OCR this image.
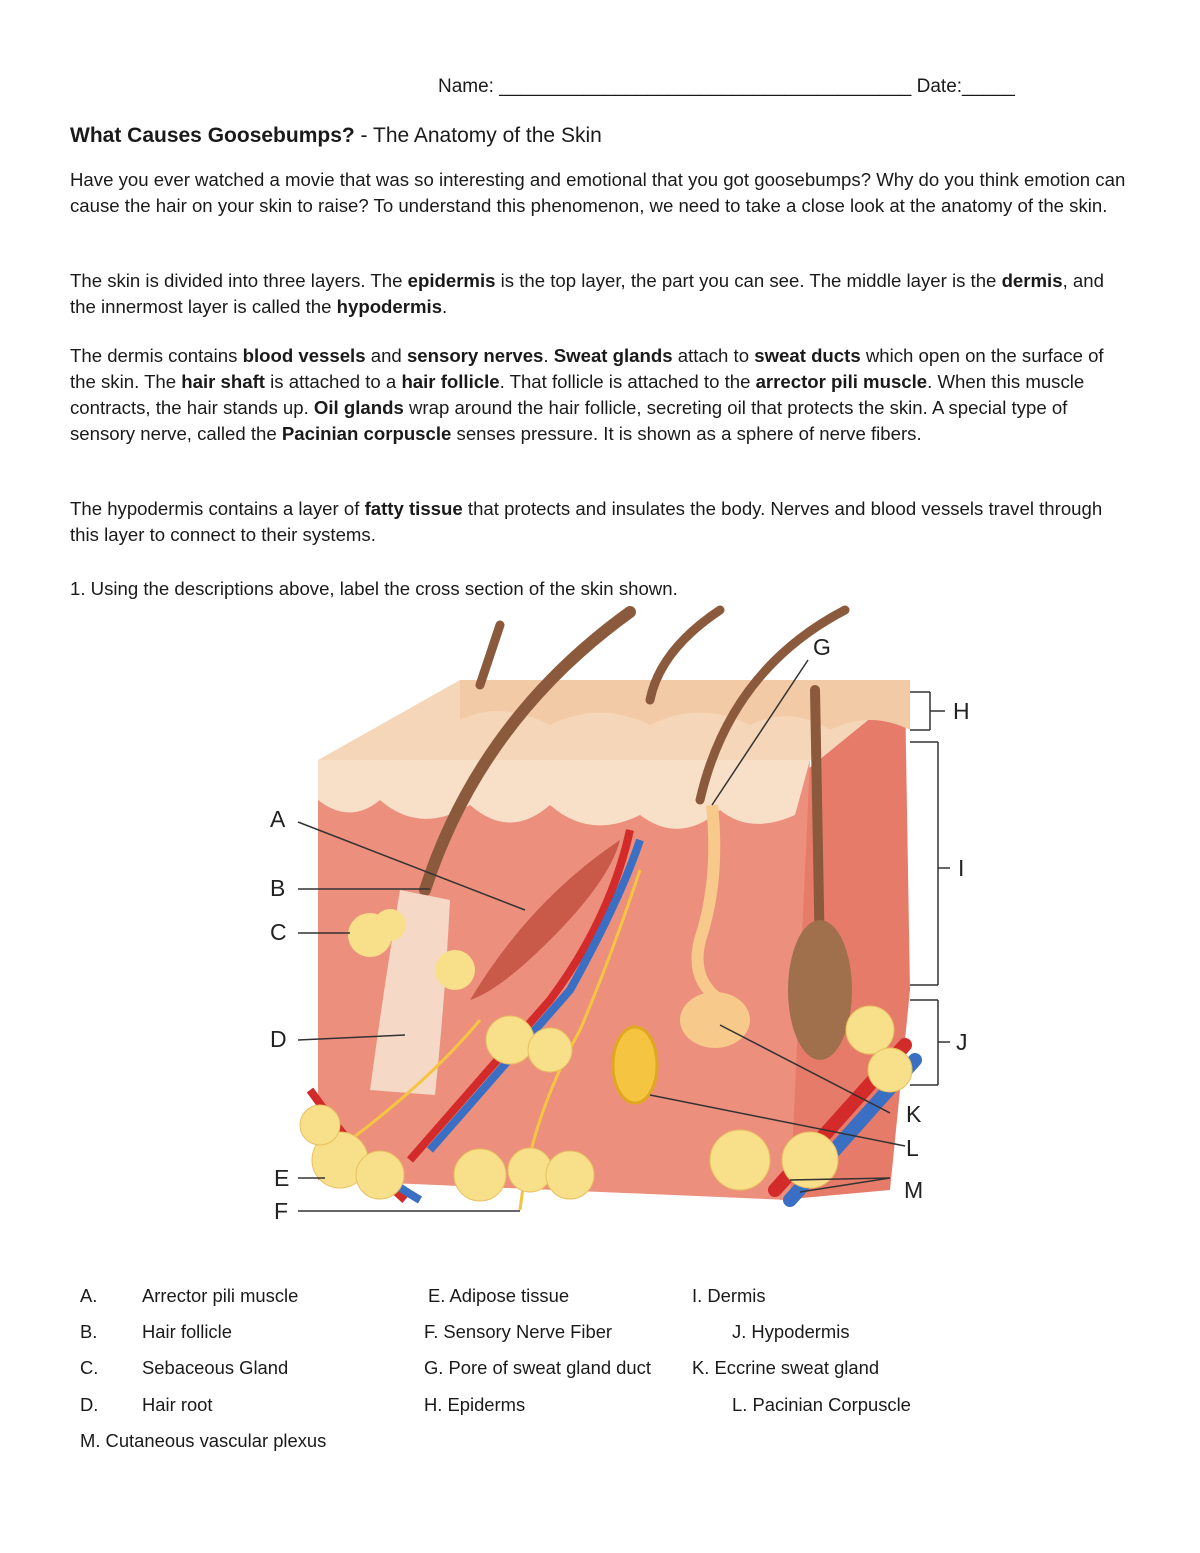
Name: _______________________________________ Date:_____
What Causes Goosebumps? - The Anatomy of the Skin

Have you ever watched a movie that was so interesting and emotional that you got goosebumps? Why do you think emotion can cause the hair on your skin to raise? To understand this phenomenon, we need to take a close look at the anatomy of the skin.

The skin is divided into three layers. The epidermis is the top layer, the part you can see. The middle layer is the dermis, and the innermost layer is called the hypodermis.

The dermis contains blood vessels and sensory nerves. Sweat glands attach to sweat ducts which open on the surface of the skin. The hair shaft is attached to a hair follicle. That follicle is attached to the arrector pili muscle. When this muscle contracts, the hair stands up. Oil glands wrap around the hair follicle, secreting oil that protects the skin. A special type of sensory nerve, called the Pacinian corpuscle senses pressure. It is shown as a sphere of nerve fibers.

The hypodermis contains a layer of fatty tissue that protects and insulates the body. Nerves and blood vessels travel through this layer to connect to their systems.

1. Using the descriptions above, label the cross section of the skin shown.

A
B
C
D
E
F
G
H
I
J
K
L
M
A. Arrector pili muscle
B. Hair follicle
C. Sebaceous Gland
D. Hair root
E. Adipose tissue
F. Sensory Nerve Fiber
G. Pore of sweat gland duct
H. Epiderms
I. Dermis
J. Hypodermis
K. Eccrine sweat gland
L. Pacinian Corpuscle
M. Cutaneous vascular plexus
